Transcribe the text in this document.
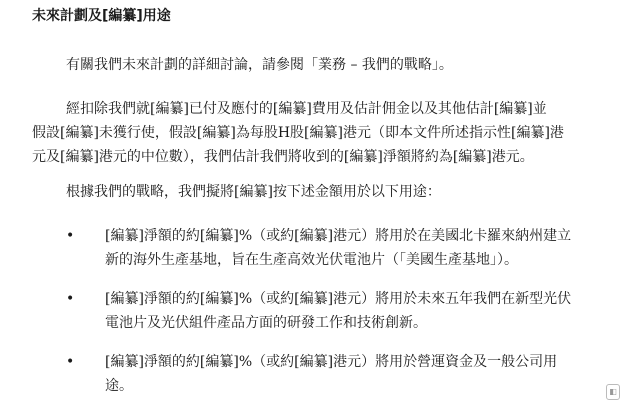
未來計劃及[編纂]用途
有關我們未來計劃的詳細討論，請參閱「業務 – 我們的戰略」。
經扣除我們就[編纂]已付及應付的[編纂]費用及估計佣金以及其他估計[編纂]並
假設[編纂]未獲行使，假設[編纂]為每股H股[編纂]港元（即本文件所述指示性[編纂]港
元及[編纂]港元的中位數），我們估計我們將收到的[編纂]淨額將約為[編纂]港元。
根據我們的戰略，我們擬將[編纂]按下述金額用於以下用途：
• [編纂]淨額的約[編纂]%（或約[編纂]港元）將用於在美國北卡羅來納州建立
新的海外生產基地，旨在生產高效光伏電池片（「美國生產基地」）。
• [編纂]淨額的約[編纂]%（或約[編纂]港元）將用於未來五年我們在新型光伏
電池片及光伏組件產品方面的研發工作和技術創新。
• [編纂]淨額的約[編纂]%（或約[編纂]港元）將用於營運資金及一般公司用
途。	◧
